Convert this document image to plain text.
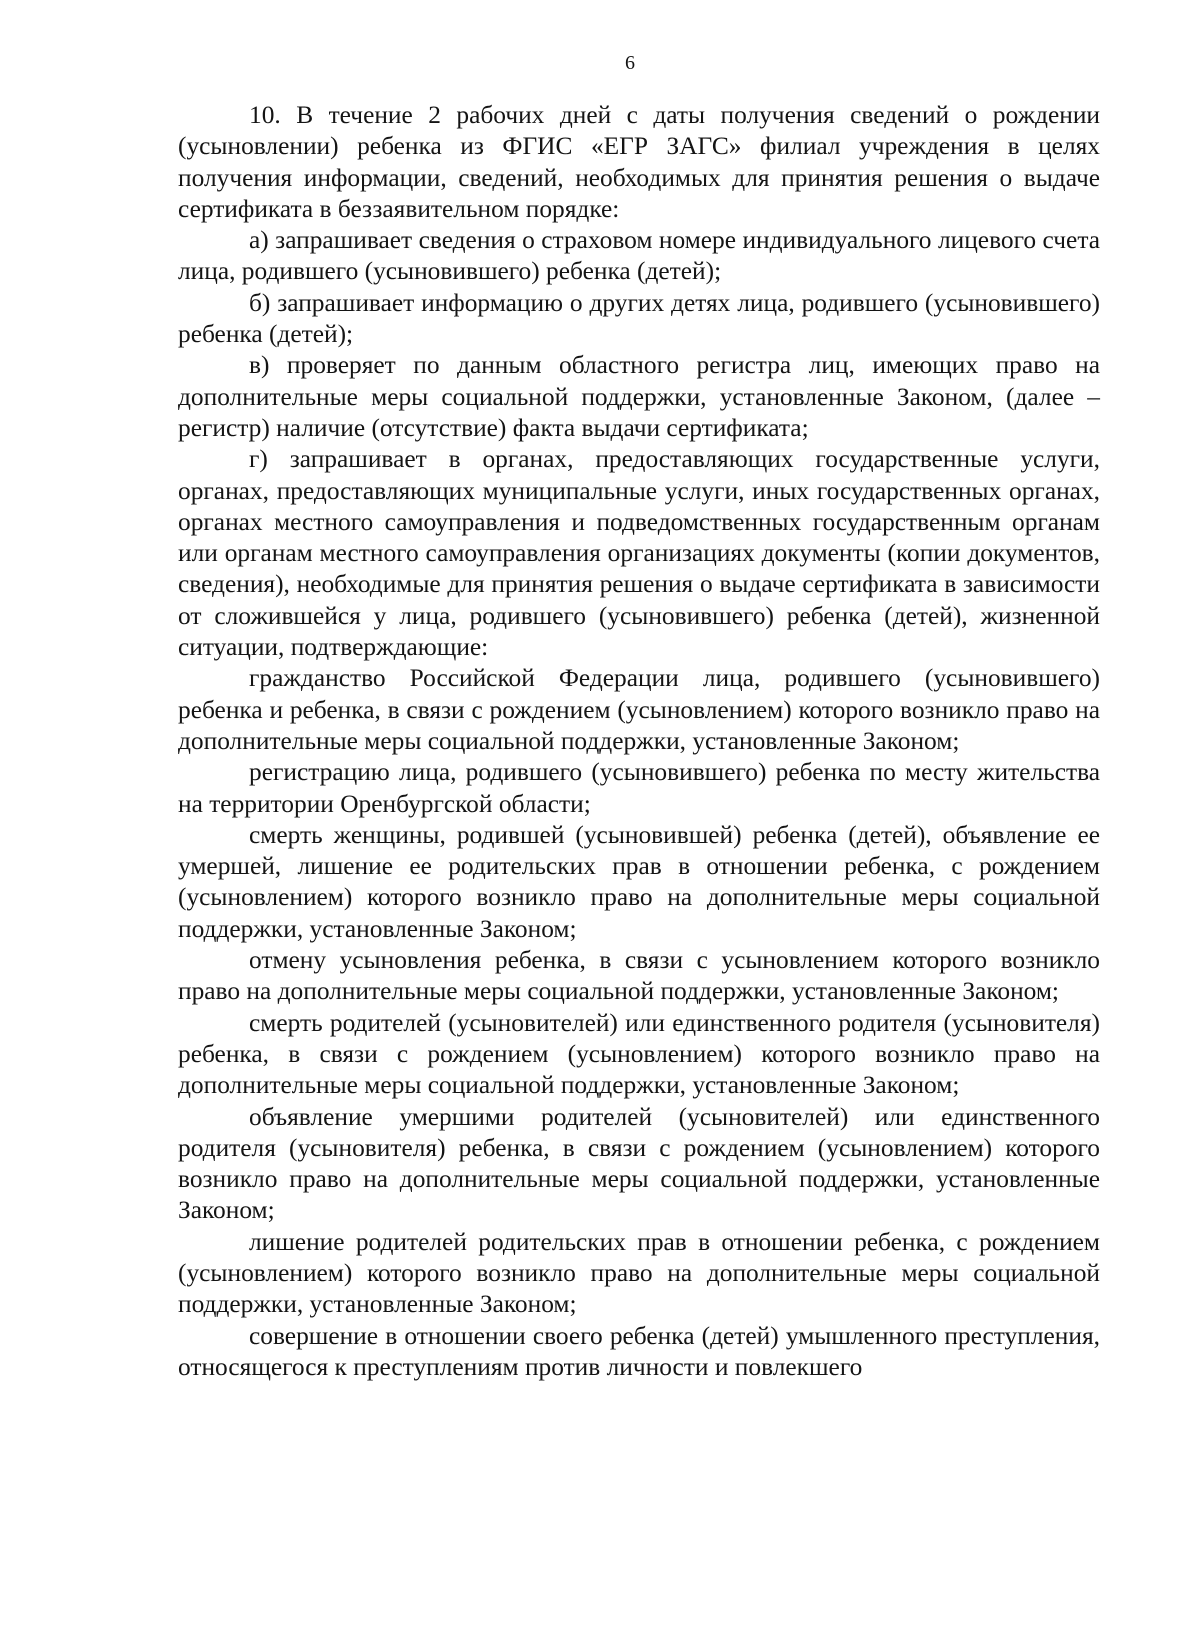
6

10. В течение 2 рабочих дней с даты получения сведений о рождении (усыновлении) ребенка из ФГИС «ЕГР ЗАГС» филиал учреждения в целях получения информации, сведений, необходимых для принятия решения о выдаче сертификата в беззаявительном порядке:

а) запрашивает сведения о страховом номере индивидуального лицевого счета лица, родившего (усыновившего) ребенка (детей);

б) запрашивает информацию о других детях лица, родившего (усыновившего) ребенка (детей);

в) проверяет по данным областного регистра лиц, имеющих право на дополнительные меры социальной поддержки, установленные Законом, (далее – регистр) наличие (отсутствие) факта выдачи сертификата;

г) запрашивает в органах, предоставляющих государственные услуги, органах, предоставляющих муниципальные услуги, иных государственных органах, органах местного самоуправления и подведомственных государственным органам или органам местного самоуправления организациях документы (копии документов, сведения), необходимые для принятия решения о выдаче сертификата в зависимости от сложившейся у лица, родившего (усыновившего) ребенка (детей), жизненной ситуации, подтверждающие:

гражданство Российской Федерации лица, родившего (усыновившего) ребенка и ребенка, в связи с рождением (усыновлением) которого возникло право на дополнительные меры социальной поддержки, установленные Законом;

регистрацию лица, родившего (усыновившего) ребенка по месту жительства на территории Оренбургской области;

смерть женщины, родившей (усыновившей) ребенка (детей), объявление ее умершей, лишение ее родительских прав в отношении ребенка, с рождением (усыновлением) которого возникло право на дополнительные меры социальной поддержки, установленные Законом;

отмену усыновления ребенка, в связи с усыновлением которого возникло право на дополнительные меры социальной поддержки, установленные Законом;

смерть родителей (усыновителей) или единственного родителя (усыновителя) ребенка, в связи с рождением (усыновлением) которого возникло право на дополнительные меры социальной поддержки, установленные Законом;

объявление умершими родителей (усыновителей) или единственного родителя (усыновителя) ребенка, в связи с рождением (усыновлением) которого возникло право на дополнительные меры социальной поддержки, установленные Законом;

лишение родителей родительских прав в отношении ребенка, с рождением (усыновлением) которого возникло право на дополнительные меры социальной поддержки, установленные Законом;

совершение в отношении своего ребенка (детей) умышленного преступления, относящегося к преступлениям против личности и повлекшего
